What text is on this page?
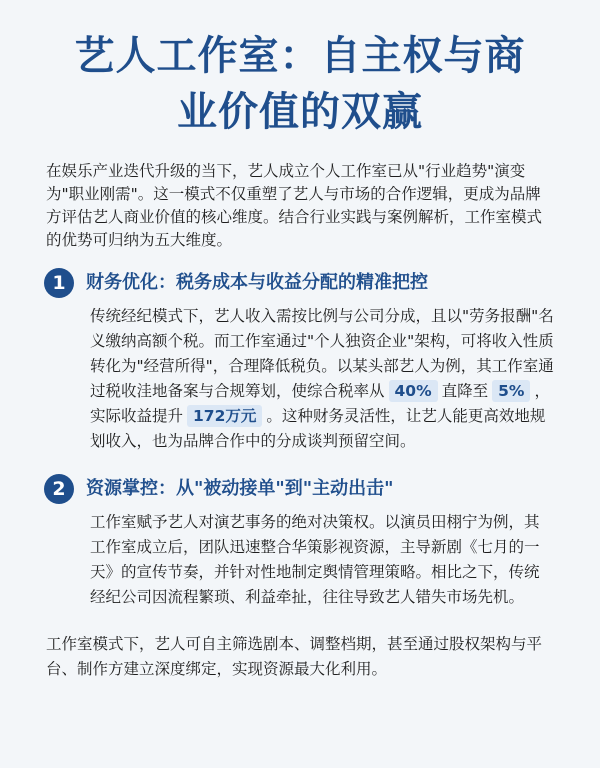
艺人工作室：自主权与商
业价值的双赢

在娱乐产业迭代升级的当下，艺人成立个人工作室已从"行业趋势"演变为"职业刚需"。这一模式不仅重塑了艺人与市场的合作逻辑，更成为品牌方评估艺人商业价值的核心维度。结合行业实践与案例解析，工作室模式的优势可归纳为五大维度。

1	财务优化：税务成本与收益分配的精准把控

传统经纪模式下，艺人收入需按比例与公司分成，且以"劳务报酬"名义缴纳高额个税。而工作室通过"个人独资企业"架构，可将收入性质转化为"经营所得"，合理降低税负。以某头部艺人为例，其工作室通过税收洼地备案与合规筹划，使综合税率从 40% 直降至 5% ，实际收益提升 172万元 。这种财务灵活性，让艺人能更高效地规划收入，也为品牌合作中的分成谈判预留空间。

2	资源掌控：从"被动接单"到"主动出击"

工作室赋予艺人对演艺事务的绝对决策权。以演员田栩宁为例，其工作室成立后，团队迅速整合华策影视资源，主导新剧《七月的一天》的宣传节奏，并针对性地制定舆情管理策略。相比之下，传统经纪公司因流程繁琐、利益牵扯，往往导致艺人错失市场先机。

工作室模式下，艺人可自主筛选剧本、调整档期，甚至通过股权架构与平台、制作方建立深度绑定，实现资源最大化利用。
